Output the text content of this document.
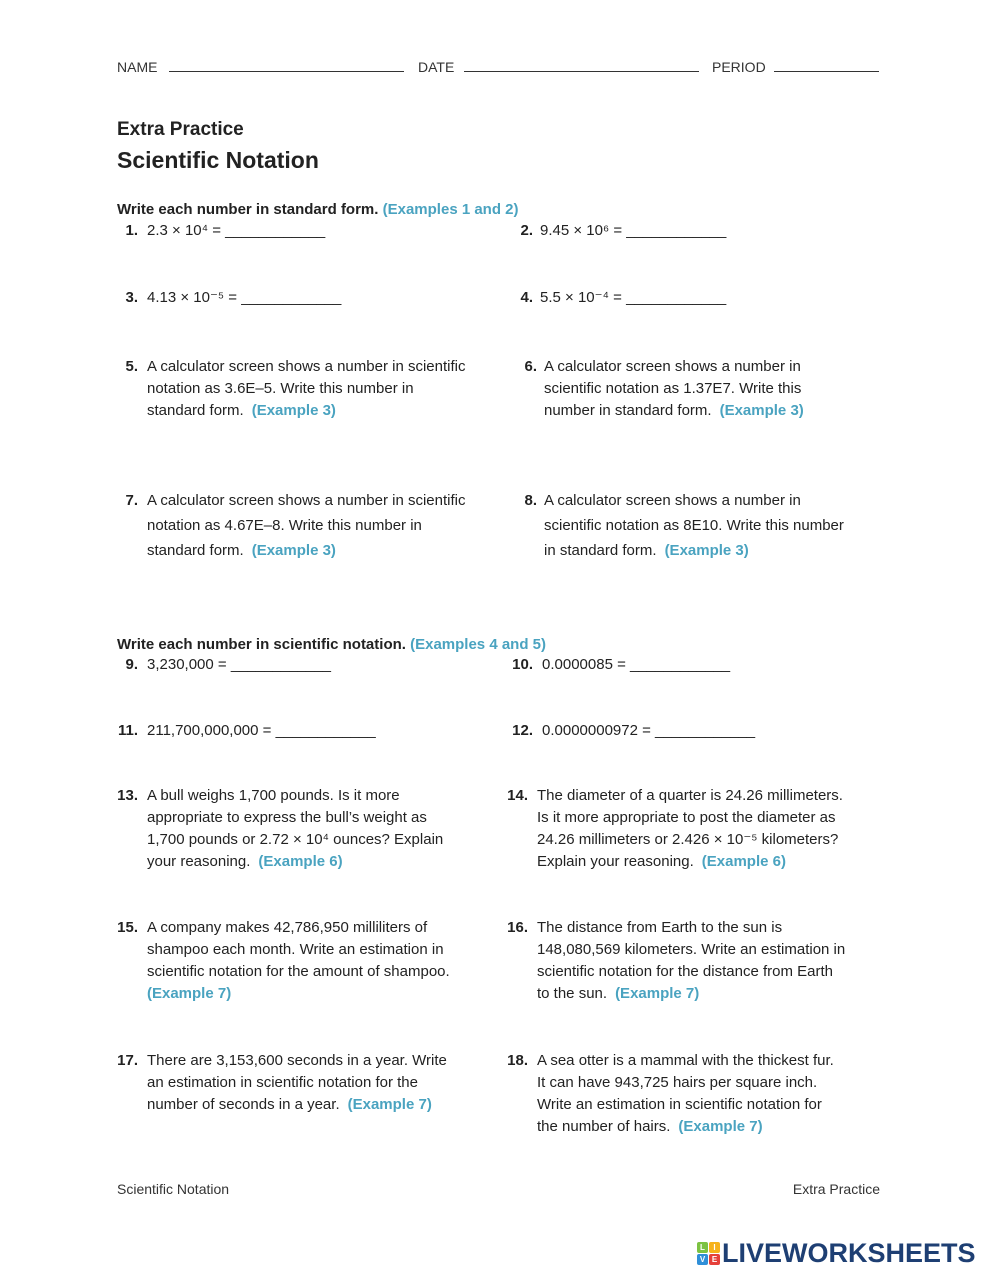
NAME	DATE	PERIOD
Extra Practice
Scientific Notation
Write each number in standard form. (Examples 1 and 2)
Write each number in scientific notation. (Examples 4 and 5)
1. 2.3 × 10⁴ = ____________	2. 9.45 × 10⁶ = ____________
3. 4.13 × 10⁻⁵ = ____________	4. 5.5 × 10⁻⁴ = ____________
5. A calculator screen shows a number in scientific
notation as 3.6E–5. Write this number in
standard form. (Example 3)
6. A calculator screen shows a number in
scientific notation as 1.37E7. Write this
number in standard form. (Example 3)
7. A calculator screen shows a number in scientific
notation as 4.67E–8. Write this number in
standard form. (Example 3)
8. A calculator screen shows a number in
scientific notation as 8E10. Write this number
in standard form. (Example 3)
9. 3,230,000 = ____________	10. 0.0000085 = ____________
11. 211,700,000,000 = ____________	12. 0.0000000972 = ____________
13. A bull weighs 1,700 pounds. Is it more
appropriate to express the bull’s weight as
1,700 pounds or 2.72 × 10⁴ ounces? Explain
your reasoning. (Example 6)
14. The diameter of a quarter is 24.26 millimeters.
Is it more appropriate to post the diameter as
24.26 millimeters or 2.426 × 10⁻⁵ kilometers?
Explain your reasoning. (Example 6)
15. A company makes 42,786,950 milliliters of
shampoo each month. Write an estimation in
scientific notation for the amount of shampoo.
(Example 7)
16. The distance from Earth to the sun is
148,080,569 kilometers. Write an estimation in
scientific notation for the distance from Earth
to the sun. (Example 7)
17. There are 3,153,600 seconds in a year. Write
an estimation in scientific notation for the
number of seconds in a year. (Example 7)
18. A sea otter is a mammal with the thickest fur.
It can have 943,725 hairs per square inch.
Write an estimation in scientific notation for
the number of hairs. (Example 7)
Scientific Notation	Extra Practice
L	I
V E LIVEWORKSHEETS
